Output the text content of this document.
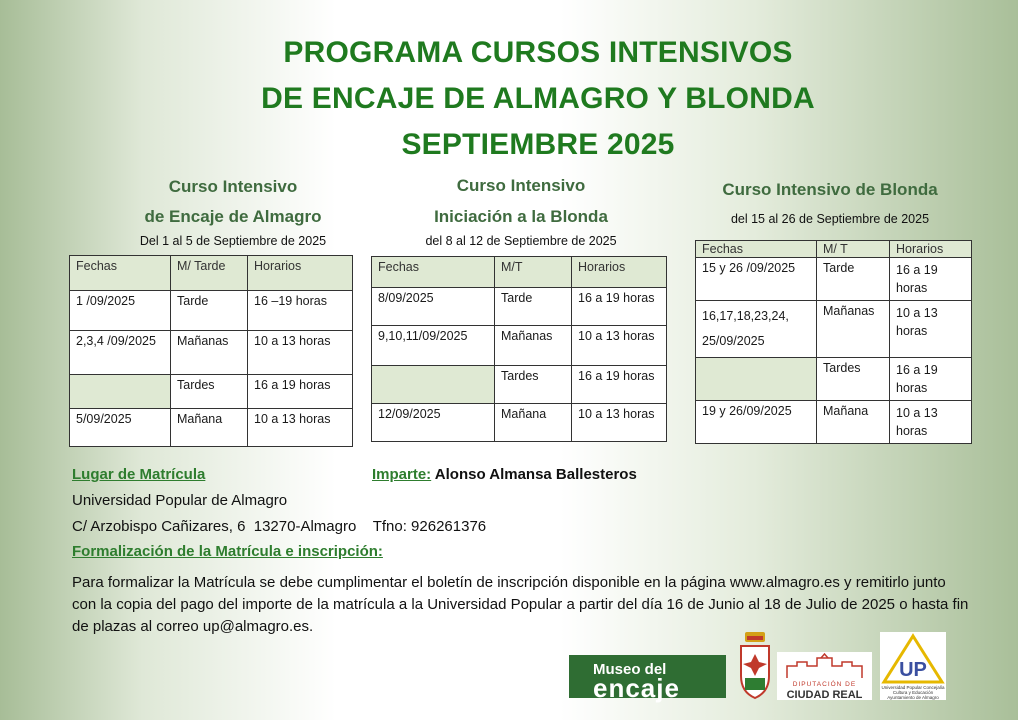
PROGRAMA CURSOS INTENSIVOS
DE ENCAJE DE ALMAGRO Y BLONDA
SEPTIEMBRE 2025
Curso Intensivo
de Encaje de Almagro
Del 1 al 5 de Septiembre de 2025
Fechas	M/ Tarde	Horarios
1 /09/2025	Tarde	16 –19 horas
2,3,4 /09/2025	Mañanas	10 a 13 horas
	Tardes	16 a 19 horas
5/09/2025	Mañana	10 a 13 horas
Curso Intensivo
Iniciación a la Blonda
del 8 al 12 de Septiembre de 2025
Fechas	M/T	Horarios
8/09/2025	Tarde	16 a 19 horas
9,10,11/09/2025	Mañanas	10 a 13 horas
	Tardes	16 a 19 horas
12/09/2025	Mañana	10 a 13 horas
Curso Intensivo de Blonda
del 15 al 26 de Septiembre de 2025
Fechas	M/ T	Horarios
15 y 26 /09/2025	Tarde	16 a 19 horas
16,17,18,23,24, 25/09/2025	Mañanas	10 a 13 horas
	Tardes	16 a 19 horas
19 y 26/09/2025	Mañana	10 a 13 horas
Lugar de Matrícula
Universidad Popular de Almagro
C/ Arzobispo Cañizares, 6  13270-Almagro    Tfno: 926261376
Formalización de la Matrícula e inscripción:
Imparte: Alonso Almansa Ballesteros
Para formalizar la Matrícula se debe cumplimentar el boletín de inscripción disponible en la página www.almagro.es y remitirlo junto con la copia del pago del importe de la matrícula a la Universidad Popular a partir del día 16 de Junio al 18 de Julio de 2025 o hasta fin de plazas al correo up@almagro.es.
Museo del
encaje	DIPUTACIÓN DE
CIUDAD REAL
UP
Universidad Popular Concejalía Cultura y Educación Ayuntamiento de Almagro
